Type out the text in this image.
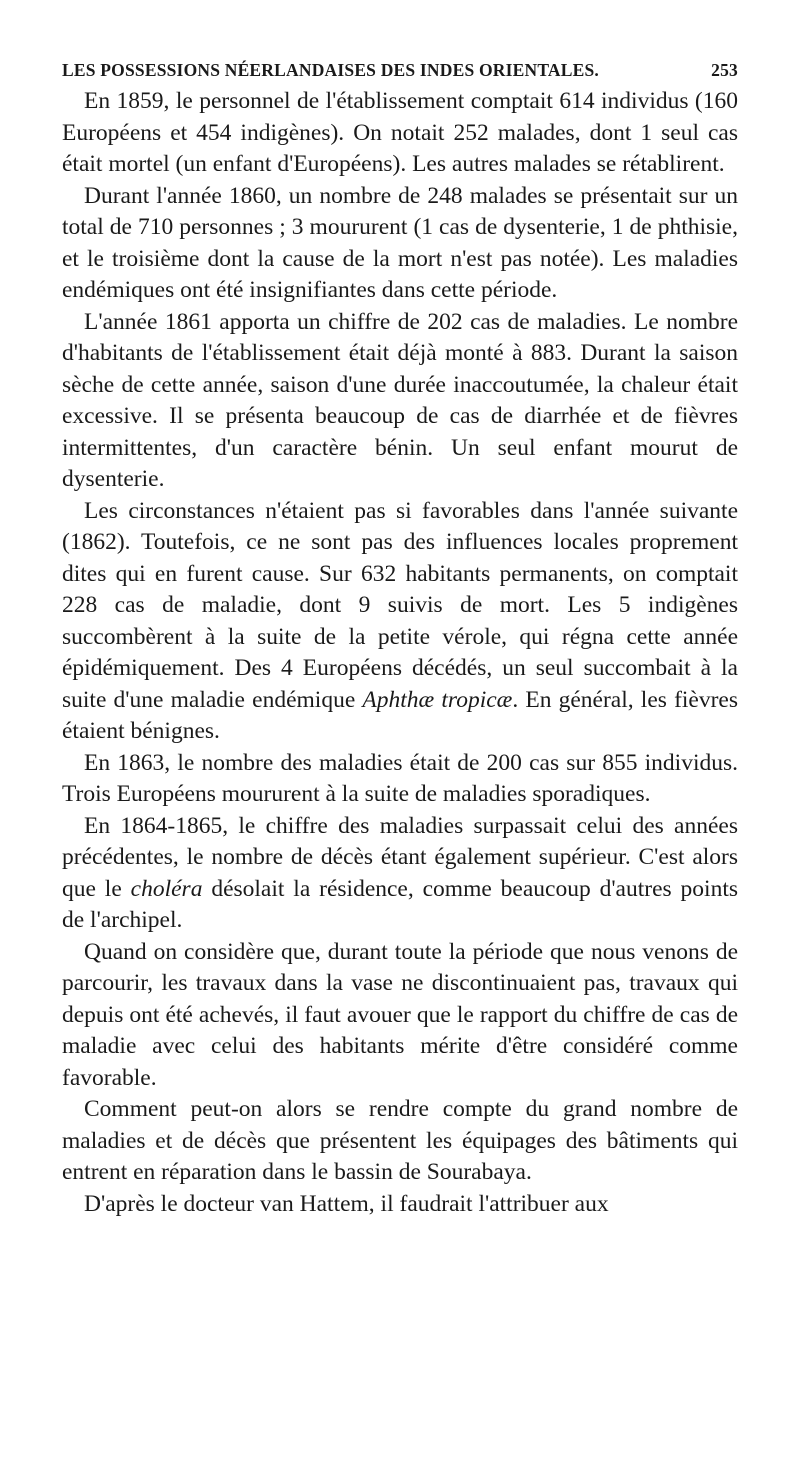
LES POSSESSIONS NÉERLANDAISES DES INDES ORIENTALES.	253

En 1859, le personnel de l'établissement comptait 614 individus (160 Européens et 454 indigènes). On notait 252 malades, dont 1 seul cas était mortel (un enfant d'Européens). Les autres malades se rétablirent.

Durant l'année 1860, un nombre de 248 malades se présentait sur un total de 710 personnes ; 3 moururent (1 cas de dysenterie, 1 de phthisie, et le troisième dont la cause de la mort n'est pas notée). Les maladies endémiques ont été insignifiantes dans cette période.

L'année 1861 apporta un chiffre de 202 cas de maladies. Le nombre d'habitants de l'établissement était déjà monté à 883. Durant la saison sèche de cette année, saison d'une durée inaccoutumée, la chaleur était excessive. Il se présenta beaucoup de cas de diarrhée et de fièvres intermittentes, d'un caractère bénin. Un seul enfant mourut de dysenterie.

Les circonstances n'étaient pas si favorables dans l'année suivante (1862). Toutefois, ce ne sont pas des influences locales proprement dites qui en furent cause. Sur 632 habitants permanents, on comptait 228 cas de maladie, dont 9 suivis de mort. Les 5 indigènes succombèrent à la suite de la petite vérole, qui régna cette année épidémiquement. Des 4 Européens décédés, un seul succombait à la suite d'une maladie endémique Aphthæ tropicæ. En général, les fièvres étaient bénignes.

En 1863, le nombre des maladies était de 200 cas sur 855 individus. Trois Européens moururent à la suite de maladies sporadiques.

En 1864-1865, le chiffre des maladies surpassait celui des années précédentes, le nombre de décès étant également supérieur. C'est alors que le choléra désolait la résidence, comme beaucoup d'autres points de l'archipel.

Quand on considère que, durant toute la période que nous venons de parcourir, les travaux dans la vase ne discontinuaient pas, travaux qui depuis ont été achevés, il faut avouer que le rapport du chiffre de cas de maladie avec celui des habitants mérite d'être considéré comme favorable.

Comment peut-on alors se rendre compte du grand nombre de maladies et de décès que présentent les équipages des bâtiments qui entrent en réparation dans le bassin de Sourabaya.

D'après le docteur van Hattem, il faudrait l'attribuer aux
